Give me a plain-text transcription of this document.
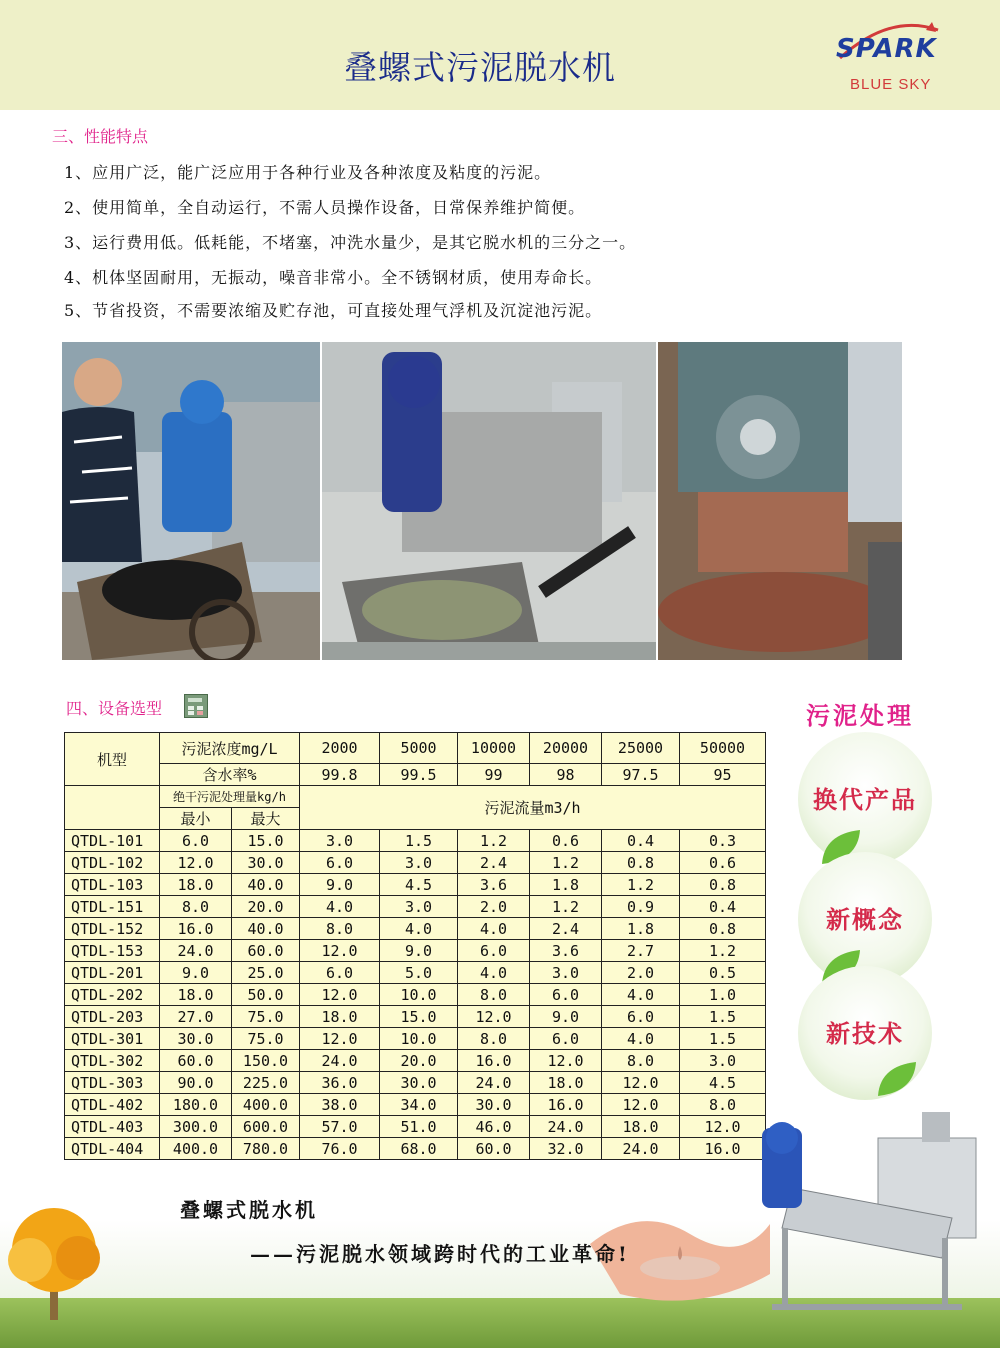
叠螺式污泥脱水机	SPARK
BLUE SKY
三、性能特点
1、应用广泛，能广泛应用于各种行业及各种浓度及粘度的污泥。
2、使用简单，全自动运行，不需人员操作设备，日常保养维护简便。
3、运行费用低。低耗能，不堵塞，冲洗水量少，是其它脱水机的三分之一。
4、机体坚固耐用，无振动，噪音非常小。全不锈钢材质，使用寿命长。
5、节省投资，不需要浓缩及贮存池，可直接处理气浮机及沉淀池污泥。
四、设备选型
机型	污泥浓度mg/L		2000	5000	10000	20000	25000	50000
	含水率%		99.8	99.5	99	98	97.5	95
	绝干污泥处理量kg/h		污泥流量m3/h					
	最小	最大						
QTDL-101	6.0	15.0	3.0	1.5	1.2	0.6	0.4	0.3
QTDL-102	12.0	30.0	6.0	3.0	2.4	1.2	0.8	0.6
QTDL-103	18.0	40.0	9.0	4.5	3.6	1.8	1.2	0.8
QTDL-151	8.0	20.0	4.0	3.0	2.0	1.2	0.9	0.4
QTDL-152	16.0	40.0	8.0	4.0	4.0	2.4	1.8	0.8
QTDL-153	24.0	60.0	12.0	9.0	6.0	3.6	2.7	1.2
QTDL-201	9.0	25.0	6.0	5.0	4.0	3.0	2.0	0.5
QTDL-202	18.0	50.0	12.0	10.0	8.0	6.0	4.0	1.0
QTDL-203	27.0	75.0	18.0	15.0	12.0	9.0	6.0	1.5
QTDL-301	30.0	75.0	12.0	10.0	8.0	6.0	4.0	1.5
QTDL-302	60.0	150.0	24.0	20.0	16.0	12.0	8.0	3.0
QTDL-303	90.0	225.0	36.0	30.0	24.0	18.0	12.0	4.5
QTDL-402	180.0	400.0	38.0	34.0	30.0	16.0	12.0	8.0
QTDL-403	300.0	600.0	57.0	51.0	46.0	24.0	18.0	12.0
QTDL-404	400.0	780.0	76.0	68.0	60.0	32.0	24.0	16.0
污泥处理
换代产品
新概念
新技术
叠螺式脱水机
——污泥脱水领域跨时代的工业革命!
